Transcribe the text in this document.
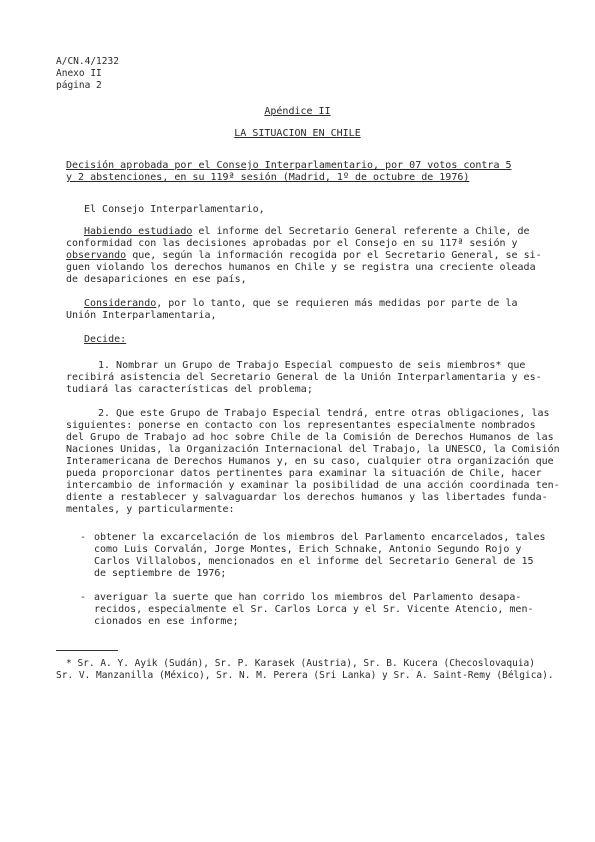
A/CN.4/1232
Anexo II
página 2
Apéndice II
LA SITUACION EN CHILE
Decisión aprobada por el Consejo Interparlamentario, por 07 votos contra 5
y 2 abstenciones, en su 119ª sesión (Madrid, 1º de octubre de 1976)
El Consejo Interparlamentario,
Habiendo estudiado el informe del Secretario General referente a Chile, de
conformidad con las decisiones aprobadas por el Consejo en su 117ª sesión y
observando que, según la información recogida por el Secretario General, se si-
guen violando los derechos humanos en Chile y se registra una creciente oleada
de desapariciones en ese país,
Considerando, por lo tanto, que se requieren más medidas por parte de la
Unión Interparlamentaria,
Decide:
1. Nombrar un Grupo de Trabajo Especial compuesto de seis miembros* que
recibirá asistencia del Secretario General de la Unión Interparlamentaria y es-
tudiará las características del problema;
2. Que este Grupo de Trabajo Especial tendrá, entre otras obligaciones, las
siguientes: ponerse en contacto con los representantes especialmente nombrados
del Grupo de Trabajo ad hoc sobre Chile de la Comisión de Derechos Humanos de las
Naciones Unidas, la Organización Internacional del Trabajo, la UNESCO, la Comisión
Interamericana de Derechos Humanos y, en su caso, cualquier otra organización que
pueda proporcionar datos pertinentes para examinar la situación de Chile, hacer
intercambio de información y examinar la posibilidad de una acción coordinada ten-
diente a restablecer y salvaguardar los derechos humanos y las libertades funda-
mentales, y particularmente:
- obtener la excarcelación de los miembros del Parlamento encarcelados, tales
como Luis Corvalán, Jorge Montes, Erich Schnake, Antonio Segundo Rojo y
Carlos Villalobos, mencionados en el informe del Secretario General de 15
de septiembre de 1976;
- averiguar la suerte que han corrido los miembros del Parlamento desapa-
recidos, especialmente el Sr. Carlos Lorca y el Sr. Vicente Atencio, men-
cionados en ese informe;
* Sr. A. Y. Ayik (Sudán), Sr. P. Karasek (Austria), Sr. B. Kucera (Checoslovaquia)
Sr. V. Manzanilla (México), Sr. N. M. Perera (Sri Lanka) y Sr. A. Saint-Remy (Bélgica).
